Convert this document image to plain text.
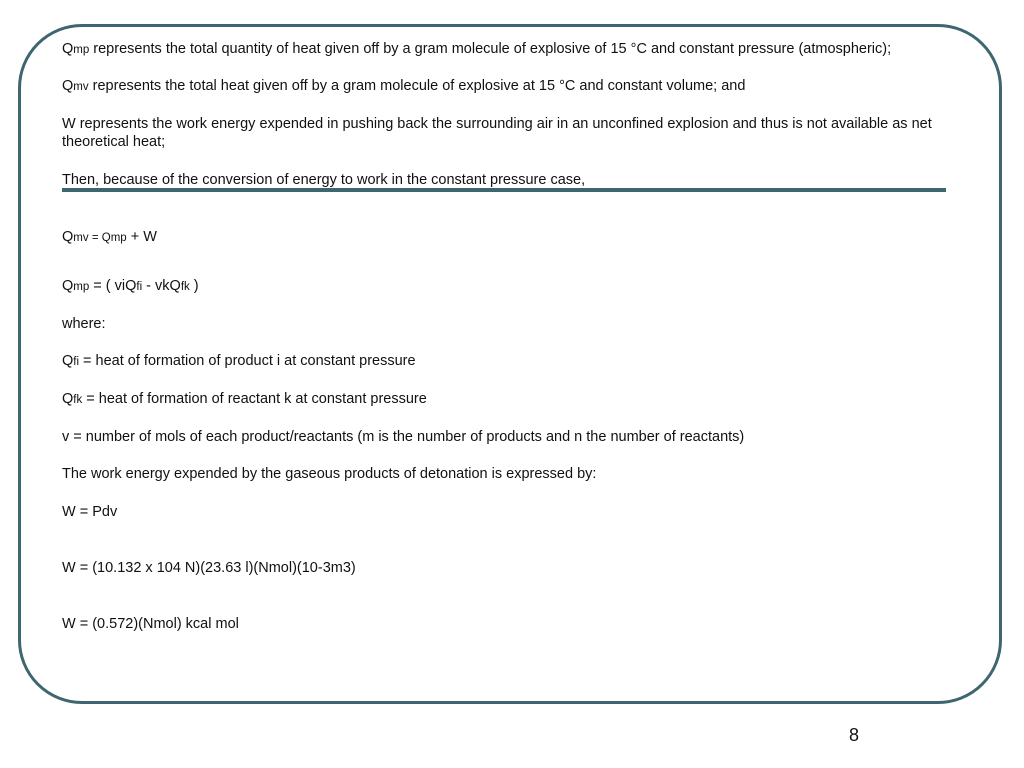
Qmp represents the total quantity of heat given off by a gram molecule of explosive of 15 °C and constant pressure (atmospheric);

Qmv represents the total heat given off by a gram molecule of explosive at 15 °C and constant volume; and

W represents the work energy expended in pushing back the surrounding air in an unconfined explosion and thus is not available as net theoretical heat;

Then, because of the conversion of energy to work in the constant pressure case,

Qmv = Qmp + W

Qmp = ( viQfi - vkQfk )

where:

Qfi = heat of formation of product i at constant pressure

Qfk = heat of formation of reactant k at constant pressure

v = number of mols of each product/reactants (m is the number of products and n the number of reactants)

The work energy expended by the gaseous products of detonation is expressed by:

W = Pdv

W = (10.132 x 104 N)(23.63 l)(Nmol)(10-3m3)

W = (0.572)(Nmol) kcal mol

8
